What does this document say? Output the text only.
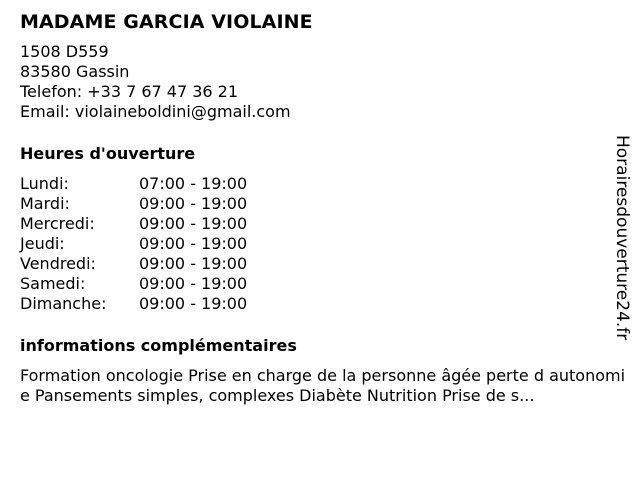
MADAME GARCIA VIOLAINE
1508 D559
83580 Gassin
Telefon: +33 7 67 47 36 21
Email: violaineboldini@gmail.com
Heures d'ouverture
Lundi:	07:00 - 19:00
Mardi:	09:00 - 19:00
Mercredi:	09:00 - 19:00
Jeudi:	09:00 - 19:00
Vendredi:	09:00 - 19:00
Samedi:	09:00 - 19:00
Dimanche: 09:00 - 19:00
informations complémentaires
Formation oncologie Prise en charge de la personne âgée perte d autonomie Pansements simples, complexes Diabète Nutrition Prise de s...
Horairesdouverture24.fr
